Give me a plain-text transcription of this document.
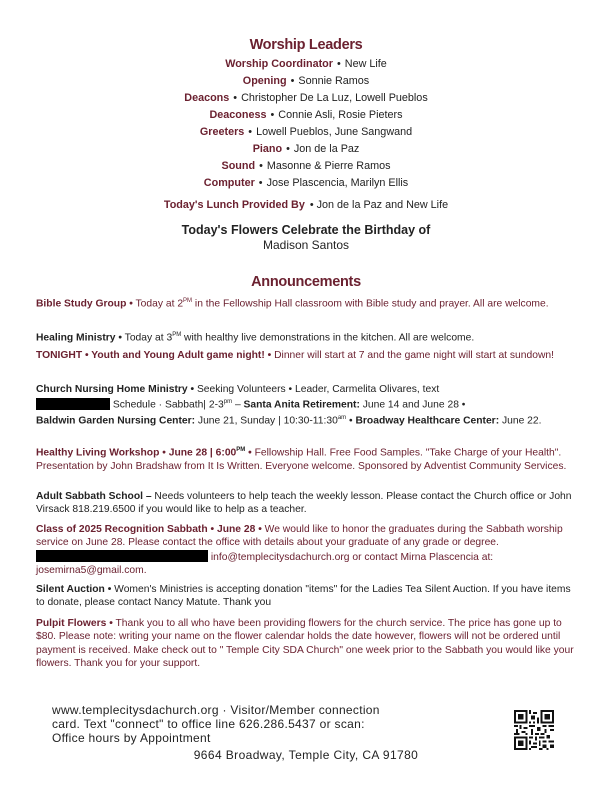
Worship Leaders
Worship Coordinator • New Life
Opening • Sonnie Ramos
Deacons • Christopher De La Luz, Lowell Pueblos
Deaconess • Connie Asli, Rosie Pieters
Greeters • Lowell Pueblos, June Sangwand
Piano • Jon de la Paz
Sound • Masonne & Pierre Ramos
Computer • Jose Plascencia, Marilyn Ellis
Today's Lunch Provided By • Jon de la Paz and New Life
Today's Flowers Celebrate the Birthday of
Madison Santos
Announcements
Bible Study Group • Today at $2^{PM}$ in the Fellowship Hall classroom with Bible study and prayer. All are welcome.
Healing Ministry • Today at $3^{PM}$ with healthy live demonstrations in the kitchen. All are welcome.
TONIGHT • Youth and Young Adult game night! • Dinner will start at 7 and the game night will start at sundown!
Church Nursing Home Ministry • Seeking Volunteers • Leader, Carmelita Olivares, text
Schedule · Sabbath| $2-3^{pm}$ – Santa Anita Retirement: June 14 and June 28 •
Baldwin Garden Nursing Center: June 21, Sunday | $10:30-11:30^{am}$ • Broadway Healthcare Center: June 22.
Healthy Living Workshop • June 28 | $6:00^{PM}$ • Fellowship Hall. Free Food Samples. "Take Charge of your Health". Presentation by John Bradshaw from It Is Written. Everyone welcome. Sponsored by Adventist Community Services.
Adult Sabbath School – Needs volunteers to help teach the weekly lesson. Please contact the Church office or John Virsack 818.219.6500 if you would like to help as a teacher.
Class of 2025 Recognition Sabbath • June 28 • We would like to honor the graduates during the Sabbath worship service on June 28. Please contact the office with details about your graduate of any grade or degree.  info@templecitysdachurch.org or contact Mirna Plascencia at: josemirna5@gmail.com.
Silent Auction • Women's Ministries is accepting donation "items" for the Ladies Tea Silent Auction. If you have items to donate, please contact Nancy Matute. Thank you
Pulpit Flowers • Thank you to all who have been providing flowers for the church service. The price has gone up to $80. Please note: writing your name on the flower calendar holds the date however, flowers will not be ordered until payment is received. Make check out to " Temple City SDA Church" one week prior to the Sabbath you would like your flowers. Thank you for your support.
www.templecitysdachurch.org · Visitor/Member connection
card. Text "connect" to office line 626.286.5437 or scan:
Office hours by Appointment
9664 Broadway, Temple City, CA 91780
